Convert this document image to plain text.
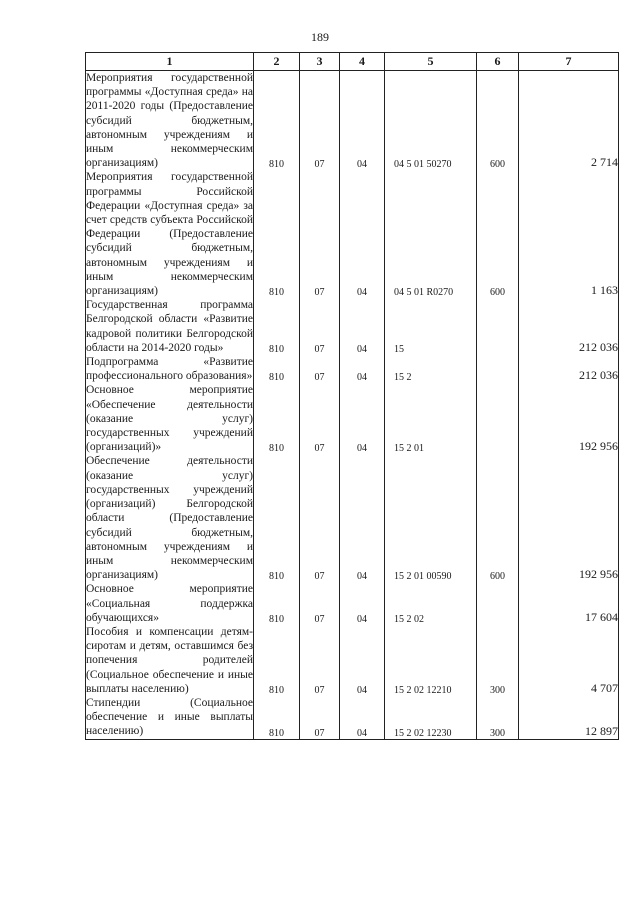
189
1	2	3	4	5	6	7
Мероприятия государственной программы «Доступная среда» на 2011-2020 годы (Предоставление субсидий бюджетным, автономным учреждениям и иным некоммерческим организациям)	810	07	04	04 5 01 50270	600	2 714
Мероприятия государственной программы Российской Федерации «Доступная среда» за счет средств субъекта Российской Федерации (Предоставление субсидий бюджетным, автономным учреждениям и иным некоммерческим организациям)	810	07	04	04 5 01 R0270	600	1 163
Государственная программа Белгородской области «Развитие кадровой политики Белгородской области на 2014-2020 годы»	810	07	04	15		212 036
Подпрограмма «Развитие профессионального образования»	810	07	04	15 2		212 036
Основное мероприятие «Обеспечение деятельности (оказание услуг) государственных учреждений (организаций)»	810	07	04	15 2 01		192 956
Обеспечение деятельности (оказание услуг) государственных учреждений (организаций) Белгородской области (Предоставление субсидий бюджетным, автономным учреждениям и иным некоммерческим организациям)	810	07	04	15 2 01 00590	600	192 956
Основное мероприятие «Социальная поддержка обучающихся»	810	07	04	15 2 02		17 604
Пособия и компенсации детям-сиротам и детям, оставшимся без попечения родителей (Социальное обеспечение и иные выплаты населению)	810	07	04	15 2 02 12210	300	4 707
Стипендии (Социальное обеспечение и иные выплаты населению)	810	07	04	15 2 02 12230	300	12 897
